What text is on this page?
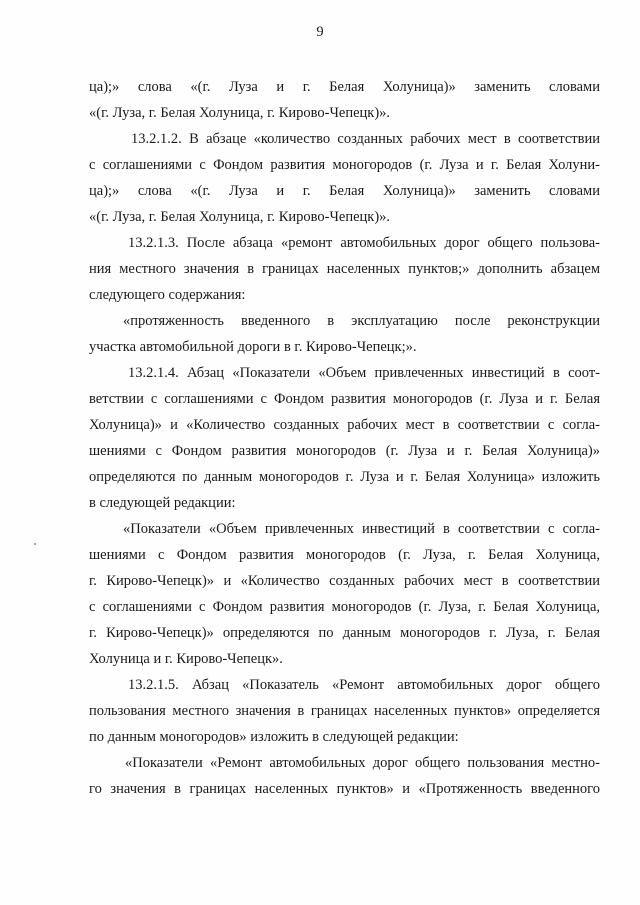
9
ца);» слова «(г. Луза и г. Белая Холуница)» заменить словами
«(г. Луза, г. Белая Холуница, г. Кирово-Чепецк)».
13.2.1.2. В абзаце «количество созданных рабочих мест в соответствии
с соглашениями с Фондом развития моногородов (г. Луза и г. Белая Холуни-
ца);» слова «(г. Луза и г. Белая Холуница)» заменить словами
«(г. Луза, г. Белая Холуница, г. Кирово-Чепецк)».
13.2.1.3. После абзаца «ремонт автомобильных дорог общего пользова-
ния местного значения в границах населенных пунктов;» дополнить абзацем
следующего содержания:
«протяженность введенного в эксплуатацию после реконструкции
участка автомобильной дороги в г. Кирово-Чепецк;».
13.2.1.4. Абзац «Показатели «Объем привлеченных инвестиций в соот-
ветствии с соглашениями с Фондом развития моногородов (г. Луза и г. Белая
Холуница)» и «Количество созданных рабочих мест в соответствии с согла-
шениями с Фондом развития моногородов (г. Луза и г. Белая Холуница)»
определяются по данным моногородов г. Луза и г. Белая Холуница» изложить
в следующей редакции:
«Показатели «Объем привлеченных инвестиций в соответствии с согла-
шениями с Фондом развития моногородов (г. Луза, г. Белая Холуница,
г. Кирово-Чепецк)» и «Количество созданных рабочих мест в соответствии
с соглашениями с Фондом развития моногородов (г. Луза, г. Белая Холуница,
г. Кирово-Чепецк)» определяются по данным моногородов г. Луза, г. Белая
Холуница и г. Кирово-Чепецк».
13.2.1.5. Абзац «Показатель «Ремонт автомобильных дорог общего
пользования местного значения в границах населенных пунктов» определяется
по данным моногородов» изложить в следующей редакции:
«Показатели «Ремонт автомобильных дорог общего пользования местно-
го значения в границах населенных пунктов» и «Протяженность введенного
